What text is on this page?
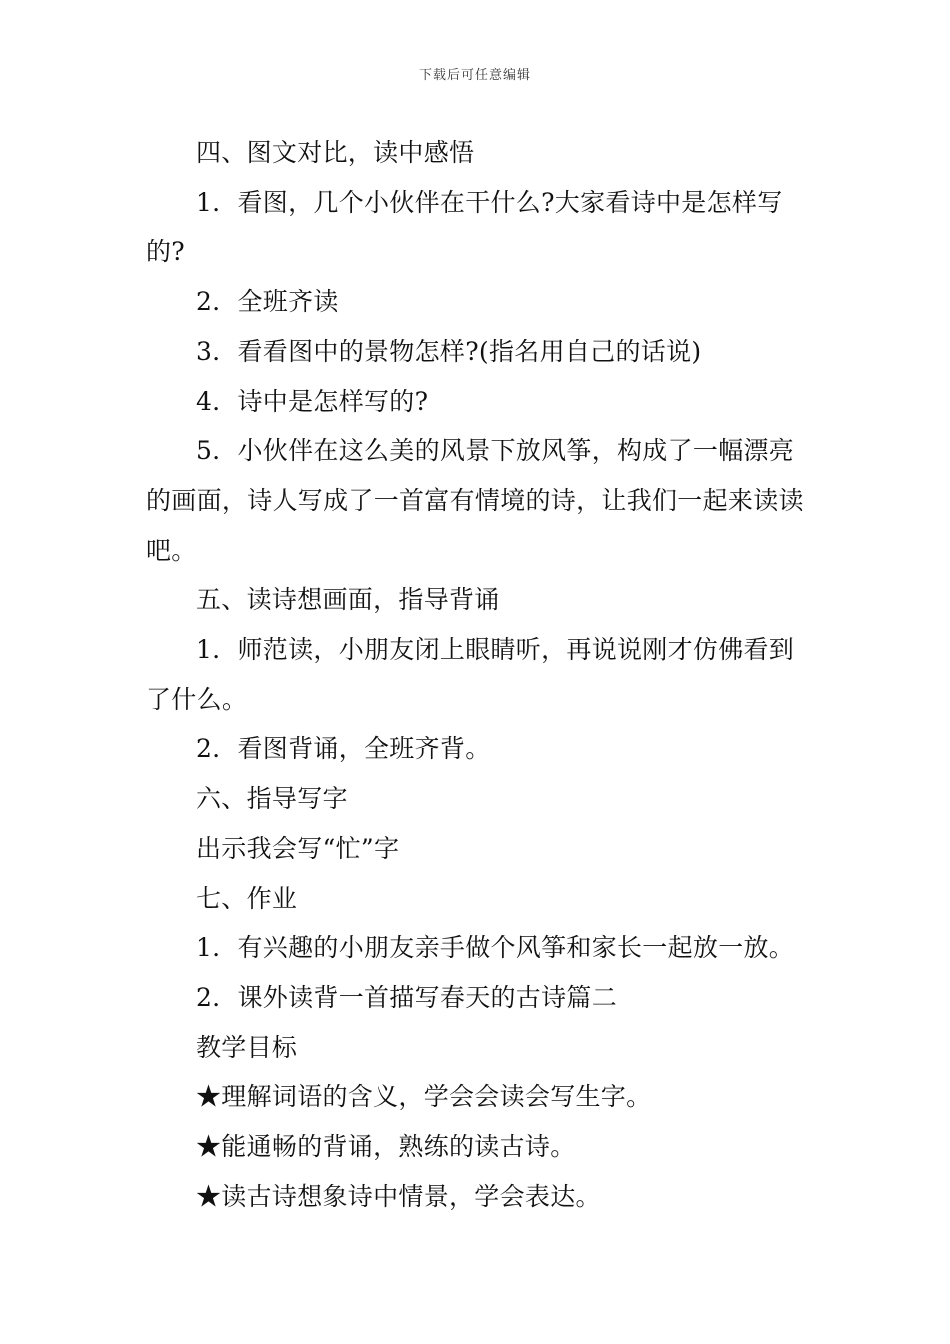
下载后可任意编辑

四、图文对比，读中感悟

1．看图，几个小伙伴在干什么?大家看诗中是怎样写的?

2．全班齐读

3．看看图中的景物怎样?(指名用自己的话说)

4．诗中是怎样写的?

5．小伙伴在这么美的风景下放风筝，构成了一幅漂亮的画面，诗人写成了一首富有情境的诗，让我们一起来读读吧。

五、读诗想画面，指导背诵

1．师范读，小朋友闭上眼睛听，再说说刚才仿佛看到了什么。

2．看图背诵，全班齐背。

六、指导写字

出示我会写“忙”字

七、作业

1．有兴趣的小朋友亲手做个风筝和家长一起放一放。

2．课外读背一首描写春天的古诗篇二

教学目标

★理解词语的含义，学会会读会写生字。

★能通畅的背诵，熟练的读古诗。

★读古诗想象诗中情景，学会表达。
